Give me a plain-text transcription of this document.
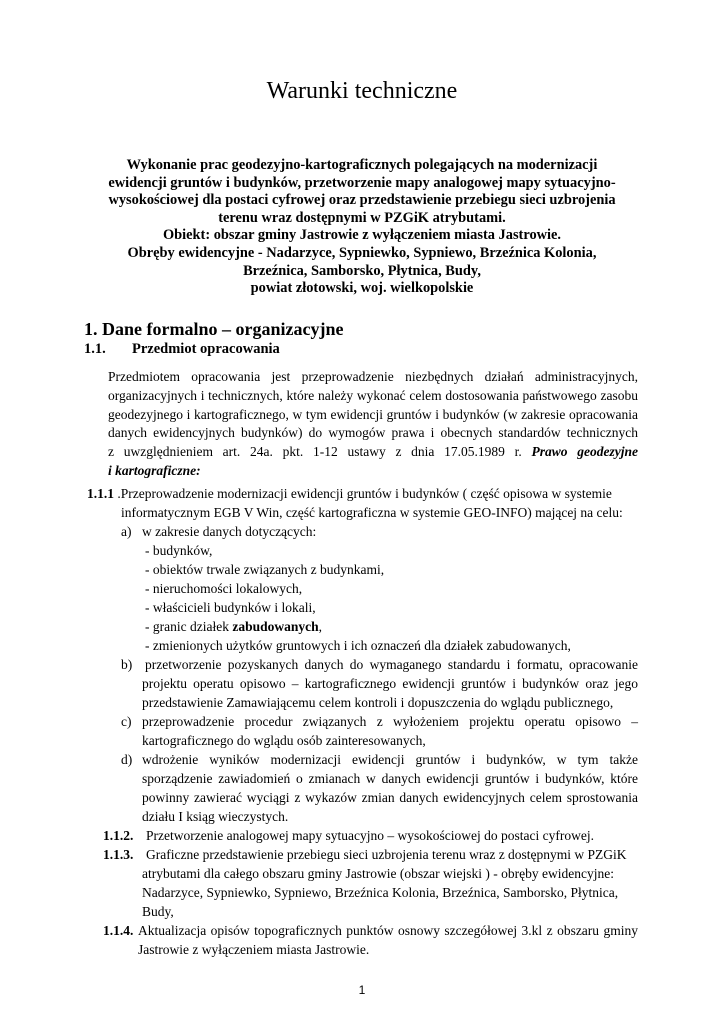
Warunki techniczne
Wykonanie prac geodezyjno-kartograficznych polegających na modernizacji
ewidencji gruntów i budynków, przetworzenie mapy analogowej mapy sytuacyjno-
wysokościowej dla postaci cyfrowej oraz przedstawienie przebiegu sieci uzbrojenia
terenu wraz dostępnymi w PZGiK atrybutami.
Obiekt: obszar gminy Jastrowie z wyłączeniem miasta Jastrowie.
Obręby ewidencyjne - Nadarzyce, Sypniewko, Sypniewo, Brzeźnica Kolonia,
Brzeźnica, Samborsko, Płytnica, Budy,
powiat złotowski, woj. wielkopolskie
1. Dane formalno – organizacyjne
1.1. Przedmiot opracowania
Przedmiotem opracowania jest przeprowadzenie niezbędnych działań administracyjnych,
organizacyjnych i technicznych, które należy wykonać celem dostosowania państwowego zasobu
geodezyjnego i kartograficznego, w tym ewidencji gruntów i budynków (w zakresie opracowania
danych ewidencyjnych budynków) do wymogów prawa i obecnych standardów technicznych
z uwzględnieniem art. 24a. pkt. 1-12 ustawy z dnia 17.05.1989 r. Prawo geodezyjne
i kartograficzne:
1.1.1 .Przeprowadzenie modernizacji ewidencji gruntów i budynków ( część opisowa w systemie
informatycznym EGB V Win, część kartograficzna w systemie GEO-INFO) mającej na celu:
a) w zakresie danych dotyczących:
- budynków,
- obiektów trwale związanych z budynkami,
- nieruchomości lokalowych,
- właścicieli budynków i lokali,
- granic działek zabudowanych,
- zmienionych użytków gruntowych i ich oznaczeń dla działek zabudowanych,
b) przetworzenie pozyskanych danych do wymaganego standardu i formatu, opracowanie
projektu operatu opisowo – kartograficznego ewidencji gruntów i budynków oraz jego
przedstawienie Zamawiającemu celem kontroli i dopuszczenia do wglądu publicznego,
c) przeprowadzenie procedur związanych z wyłożeniem projektu operatu opisowo –
kartograficznego do wglądu osób zainteresowanych,
d) wdrożenie wyników modernizacji ewidencji gruntów i budynków, w tym także
sporządzenie zawiadomień o zmianach w danych ewidencji gruntów i budynków, które
powinny zawierać wyciągi z wykazów zmian danych ewidencyjnych celem sprostowania
działu I ksiąg wieczystych.
1.1.2. Przetworzenie analogowej mapy sytuacyjno – wysokościowej do postaci cyfrowej.
1.1.3. Graficzne przedstawienie przebiegu sieci uzbrojenia terenu wraz z dostępnymi w PZGiK
atrybutami dla całego obszaru gminy Jastrowie (obszar wiejski ) - obręby ewidencyjne:
Nadarzyce, Sypniewko, Sypniewo, Brzeźnica Kolonia, Brzeźnica, Samborsko, Płytnica,
Budy,
1.1.4. Aktualizacja opisów topograficznych punktów osnowy szczegółowej 3.kl z obszaru gminy
Jastrowie z wyłączeniem miasta Jastrowie.
1
